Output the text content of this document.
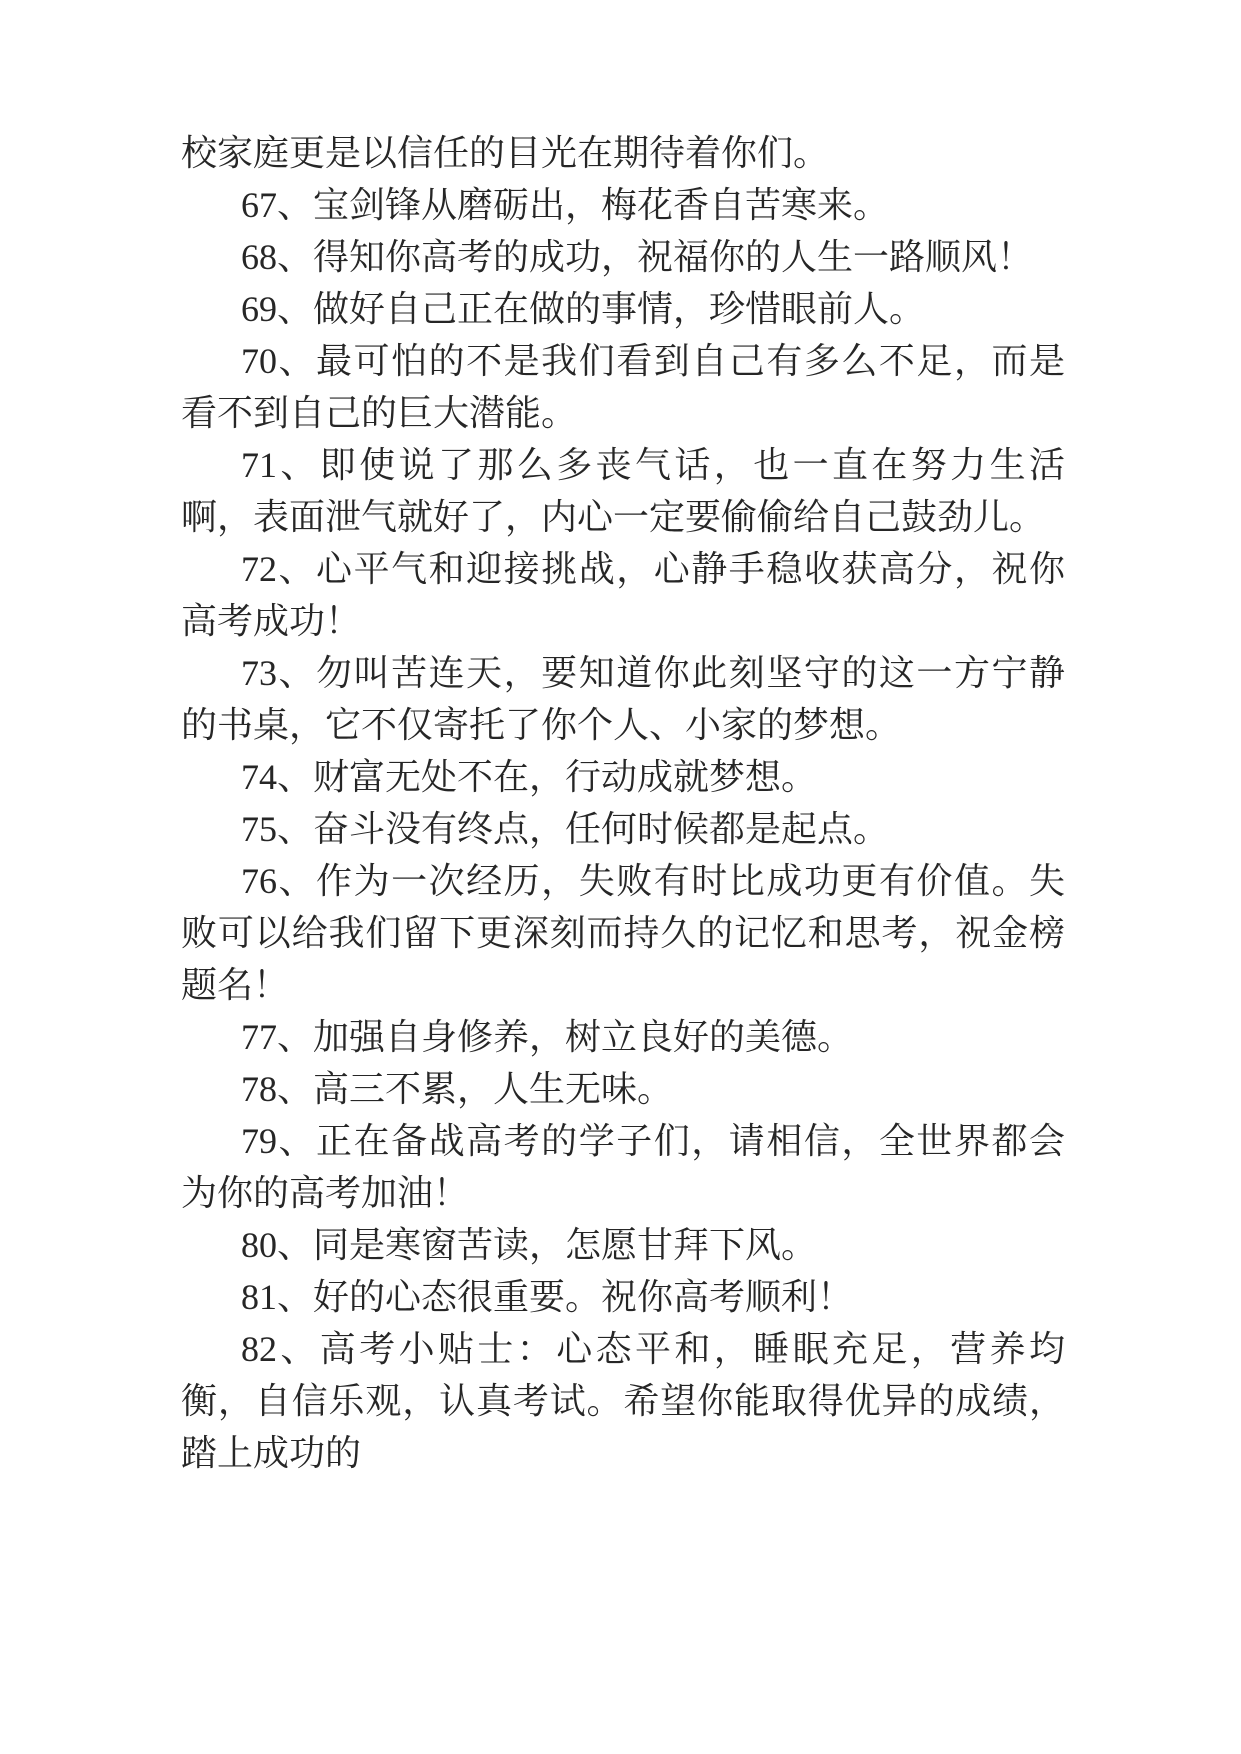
校家庭更是以信任的目光在期待着你们。

67、宝剑锋从磨砺出，梅花香自苦寒来。

68、得知你高考的成功，祝福你的人生一路顺风！

69、做好自己正在做的事情，珍惜眼前人。

70、最可怕的不是我们看到自己有多么不足，而是看不到自己的巨大潜能。

71、即使说了那么多丧气话，也一直在努力生活啊，表面泄气就好了，内心一定要偷偷给自己鼓劲儿。

72、心平气和迎接挑战，心静手稳收获高分，祝你高考成功！

73、勿叫苦连天，要知道你此刻坚守的这一方宁静的书桌，它不仅寄托了你个人、小家的梦想。

74、财富无处不在，行动成就梦想。

75、奋斗没有终点，任何时候都是起点。

76、作为一次经历，失败有时比成功更有价值。失败可以给我们留下更深刻而持久的记忆和思考，祝金榜题名！

77、加强自身修养，树立良好的美德。

78、高三不累，人生无味。

79、正在备战高考的学子们，请相信，全世界都会为你的高考加油！

80、同是寒窗苦读，怎愿甘拜下风。

81、好的心态很重要。祝你高考顺利！

82、高考小贴士：心态平和，睡眠充足，营养均衡，自信乐观，认真考试。希望你能取得优异的成绩，踏上成功的
